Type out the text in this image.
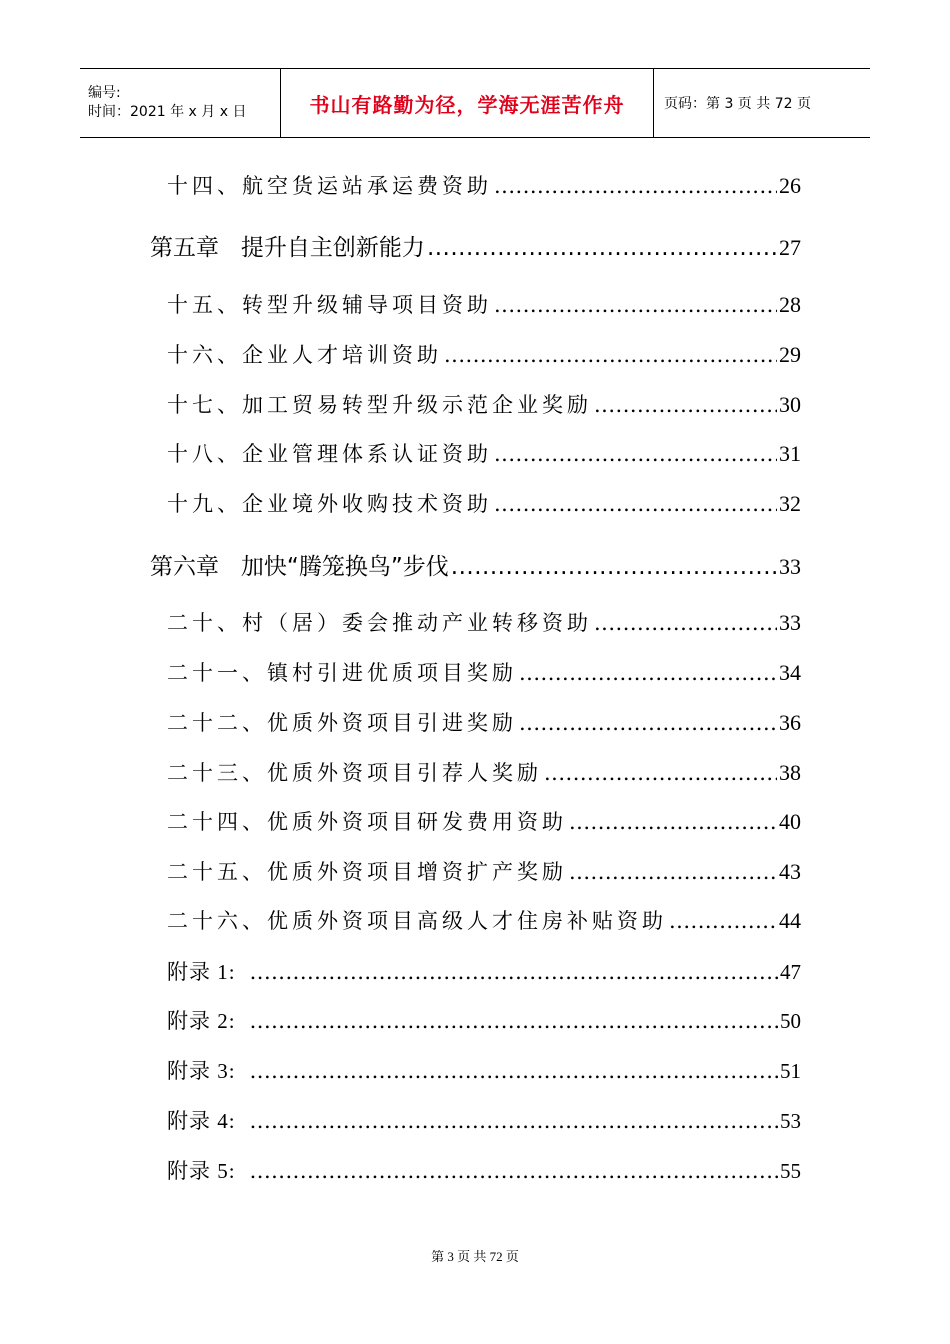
编号:
时间：2021 年 x 月 x 日	书山有路勤为径，学海无涯苦作舟	页码：第 3 页 共 72 页
十四、航空货运站承运费资助 .....	26
第五章   提升自主创新能力 .....	27
十五、转型升级辅导项目资助 .....	28
十六、企业人才培训资助 .....	29
十七、加工贸易转型升级示范企业奖励 .....	30
十八、企业管理体系认证资助 .....	31
十九、企业境外收购技术资助 .....	32
第六章   加快“腾笼换鸟”步伐 .....	33
二十、村（居）委会推动产业转移资助 .....	33
二十一、镇村引进优质项目奖励 .....	34
二十二、优质外资项目引进奖励 .....	36
二十三、优质外资项目引荐人奖励 .....	38
二十四、优质外资项目研发费用资助 .....	40
二十五、优质外资项目增资扩产奖励 .....	43
二十六、优质外资项目高级人才住房补贴资助 .....	44
附录 1: .....	47
附录 2: .....	50
附录 3: .....	51
附录 4: .....	53
附录 5: .....	55
第 3 页 共 72 页
